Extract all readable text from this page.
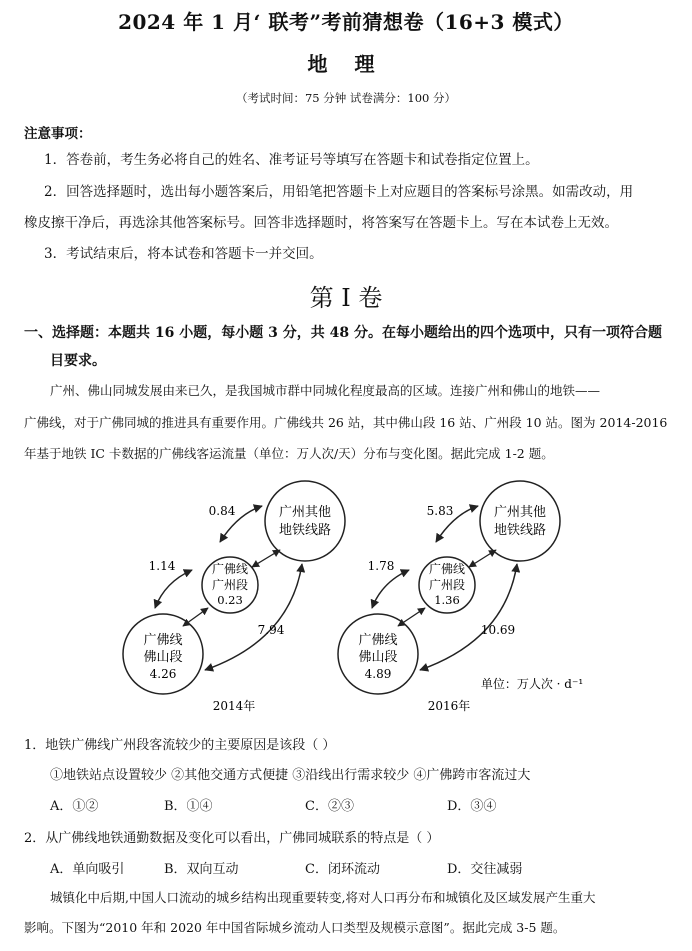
2024 年 1 月‘ 联考”考前猜想卷（16+3 模式）
地 理
（考试时间：75 分钟 试卷满分：100 分）
注意事项：
1．答卷前，考生务必将自己的姓名、准考证号等填写在答题卡和试卷指定位置上。
2．回答选择题时，选出每小题答案后，用铅笔把答题卡上对应题目的答案标号涂黑。如需改动，用
橡皮擦干净后，再选涂其他答案标号。回答非选择题时，将答案写在答题卡上。写在本试卷上无效。
3．考试结束后，将本试卷和答题卡一并交回。
第 I 卷
一、选择题：本题共 16 小题，每小题 3 分，共 48 分。在每小题给出的四个选项中，只有一项符合题
目要求。
广州、佛山同城发展由来已久，是我国城市群中同城化程度最高的区域。连接广州和佛山的地铁——
广佛线，对于广佛同城的推进具有重要作用。广佛线共 26 站，其中佛山段 16 站、广州段 10 站。图为 2014-2016
年基于地铁 IC 卡数据的广佛线客运流量（单位：万人次/天）分布与变化图。据此完成 1-2 题。
广州其他
地铁线路
广佛线
广州段
0.23
广佛线
佛山段
4.26
0.84
1.14
7.94
2014年
广州其他
地铁线路
广佛线
广州段
1.36
广佛线
佛山段
4.89
5.83
1.78
10.69
2016年
单位：万人次 · d⁻¹
1．地铁广佛线广州段客流较少的主要原因是该段（ ）
①地铁站点设置较少 ②其他交通方式便捷 ③沿线出行需求较少 ④广佛跨市客流过大
A．①②	B．①④	C．②③	D．③④
2．从广佛线地铁通勤数据及变化可以看出，广佛同城联系的特点是（ ）
A．单向吸引	B．双向互动	C．闭环流动	D．交往减弱
城镇化中后期,中国人口流动的城乡结构出现重要转变,将对人口再分布和城镇化及区域发展产生重大
影响。下图为“2010 年和 2020 年中国省际城乡流动人口类型及规模示意图”。据此完成 3-5 题。
